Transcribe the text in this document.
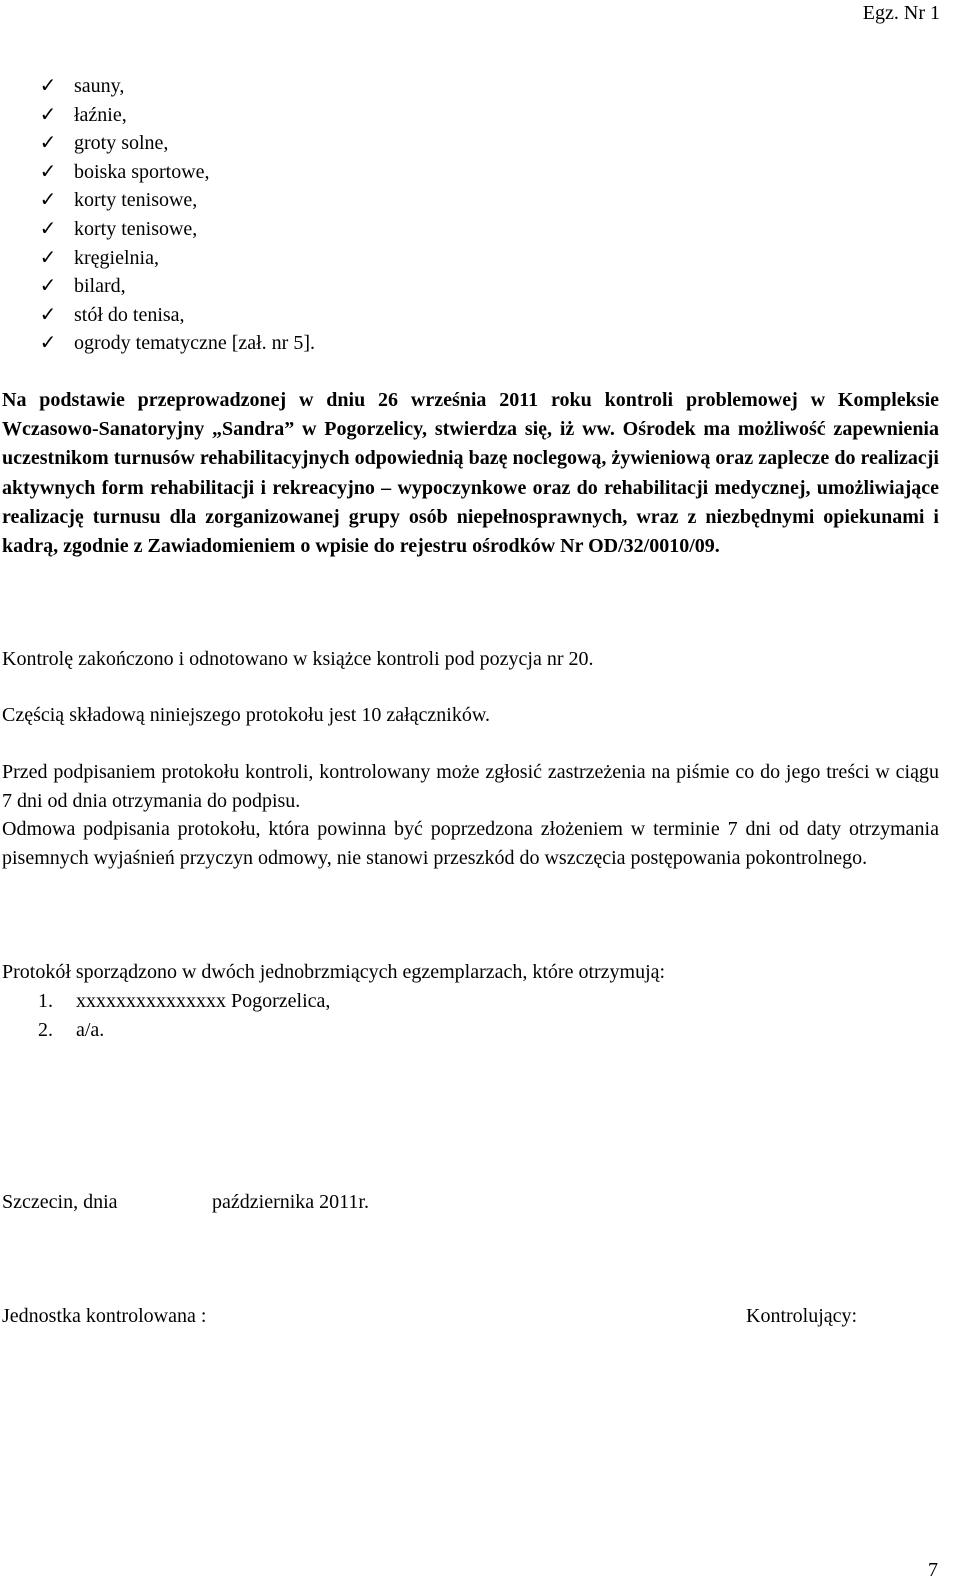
Egz. Nr 1
✓ sauny,
✓ łaźnie,
✓ groty solne,
✓ boiska sportowe,
✓ korty tenisowe,
✓ korty tenisowe,
✓ kręgielnia,
✓ bilard,
✓ stół do tenisa,
✓ ogrody tematyczne [zał. nr 5].

Na podstawie przeprowadzonej w dniu 26 września 2011 roku kontroli problemowej w Kompleksie Wczasowo-Sanatoryjny „Sandra” w Pogorzelicy, stwierdza się, iż ww. Ośrodek ma możliwość zapewnienia uczestnikom turnusów rehabilitacyjnych odpowiednią bazę noclegową, żywieniową oraz zaplecze do realizacji aktywnych form rehabilitacji i rekreacyjno – wypoczynkowe oraz do rehabilitacji medycznej, umożliwiające realizację turnusu dla zorganizowanej grupy osób niepełnosprawnych, wraz z niezbędnymi opiekunami i kadrą, zgodnie z Zawiadomieniem o wpisie do rejestru ośrodków Nr OD/32/0010/09.

Kontrolę zakończono i odnotowano w książce kontroli pod pozycja nr 20.

Częścią składową niniejszego protokołu jest 10 załączników.

Przed podpisaniem protokołu kontroli, kontrolowany może zgłosić zastrzeżenia na piśmie co do jego treści w ciągu 7 dni od dnia otrzymania do podpisu.

Odmowa podpisania protokołu, która powinna być poprzedzona złożeniem w terminie 7 dni od daty otrzymania pisemnych wyjaśnień przyczyn odmowy, nie stanowi przeszkód do wszczęcia postępowania pokontrolnego.

Protokół sporządzono w dwóch jednobrzmiących egzemplarzach, które otrzymują:

1. xxxxxxxxxxxxxxx Pogorzelica,
2. a/a.
Szczecin, dnia	października 2011r.
Jednostka kontrolowana :	Kontrolujący:
7
